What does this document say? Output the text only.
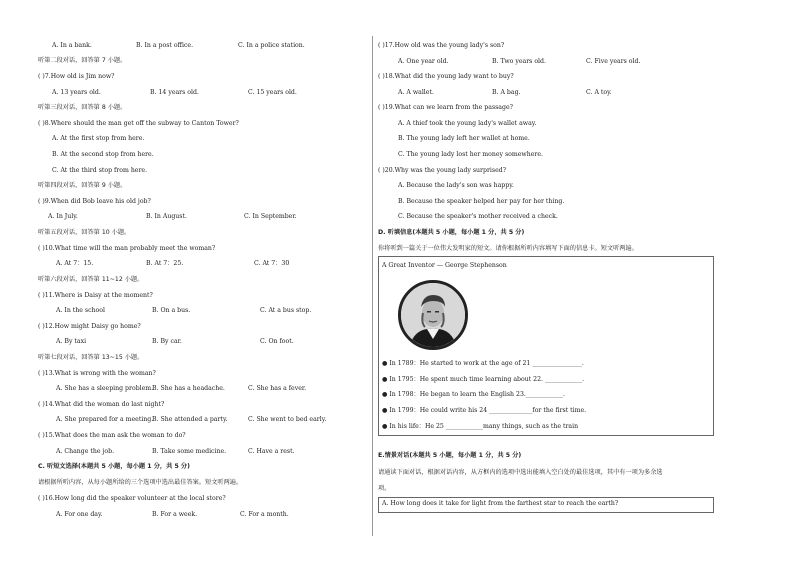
A. In a bank.	B. In a post office.	C. In a police station.
听第二段对话，回答第 7 小题。
( )7.How old is Jim now?
A. 13 years old.	B. 14 years old.	C. 15 years old.
听第三段对话，回答第 8 小题。
( )8.Where should the man get off the subway to Canton Tower?
A. At the first stop from here.
B. At the second stop from here.
C. At the third stop from here.
听第四段对话，回答第 9 小题。
( )9.When did Bob leave his old job?
A. In July.	B. In August.	C. In September.
听第五段对话，回答第 10 小题。
( )10.What time will the man probably meet the woman?
A. At 7：15.	B. At 7：25.	C. At 7：30
听第六段对话，回答第 11~12 小题。
( )11.Where is Daisy at the moment?
A. In the school	B. On a bus.	C. At a bus stop.
( )12.How might Daisy go home?
A. By taxi	B. By car.	C. On foot.
听第七段对话，回答第 13~15 小题。
( )13.What is wrong with the woman?
A. She has a sleeping problem.
B. She has a headache.	C. She has a fever.
( )14.What did the woman do last night?
A. She prepared for a meeting.
B. She attended a party.	C. She went to bed early.
( )15.What does the man ask the woman to do?
A. Change the job.	B. Take some medicine.	C. Have a rest.
C. 听短文选择(本题共 5 小题，每小题 1 分，共 5 分)
请根据所听内容，从每小题所给的三个选项中选出最佳答案。短文听两遍。
( )16.How long did the speaker volunteer at the local store?
A. For one day.	B. For a week.	C. For a month.
( )17.How old was the young lady's son?
A. One year old.	B. Two years old.	C. Five years old.
( )18.What did the young lady want to buy?
A. A wallet.	B. A bag.	C. A toy.
( )19.What can we learn from the passage?
A. A thief took the young lady's wallet away.
B. The young lady left her wallet at home.
C. The young lady lost her money somewhere.
( )20.Why was the young lady surprised?
A. Because the lady's son was happy.
B. Because the speaker helped her pay for her thing.
C. Because the speaker's mother received a check.
D. 听填信息(本题共 5 小题，每小题 1 分，共 5 分)
你将听到一篇关于一位伟大发明家的短文。请你根据所听内容填写下面的信息卡。短文听两遍。
A Great Inventor — George Stephenson
● In 1789：He started to work at the age of 21 ________________.
● In 1795：He spent much time learning about 22. ____________.
● In 1798：He began to learn the English 23.____________.
● In 1799：He could write his 24 ______________for the first time.
● In his life：He 25 ____________many things, such as the train
E.情景对话(本题共 5 小题，每小题 1 分，共 5 分)
请通读下面对话，根据对话内容，从方框内的选项中选出能填入空白处的最佳选项，其中有一项为多余选
项。
A. How long does it take for light from the farthest star to reach the earth?
